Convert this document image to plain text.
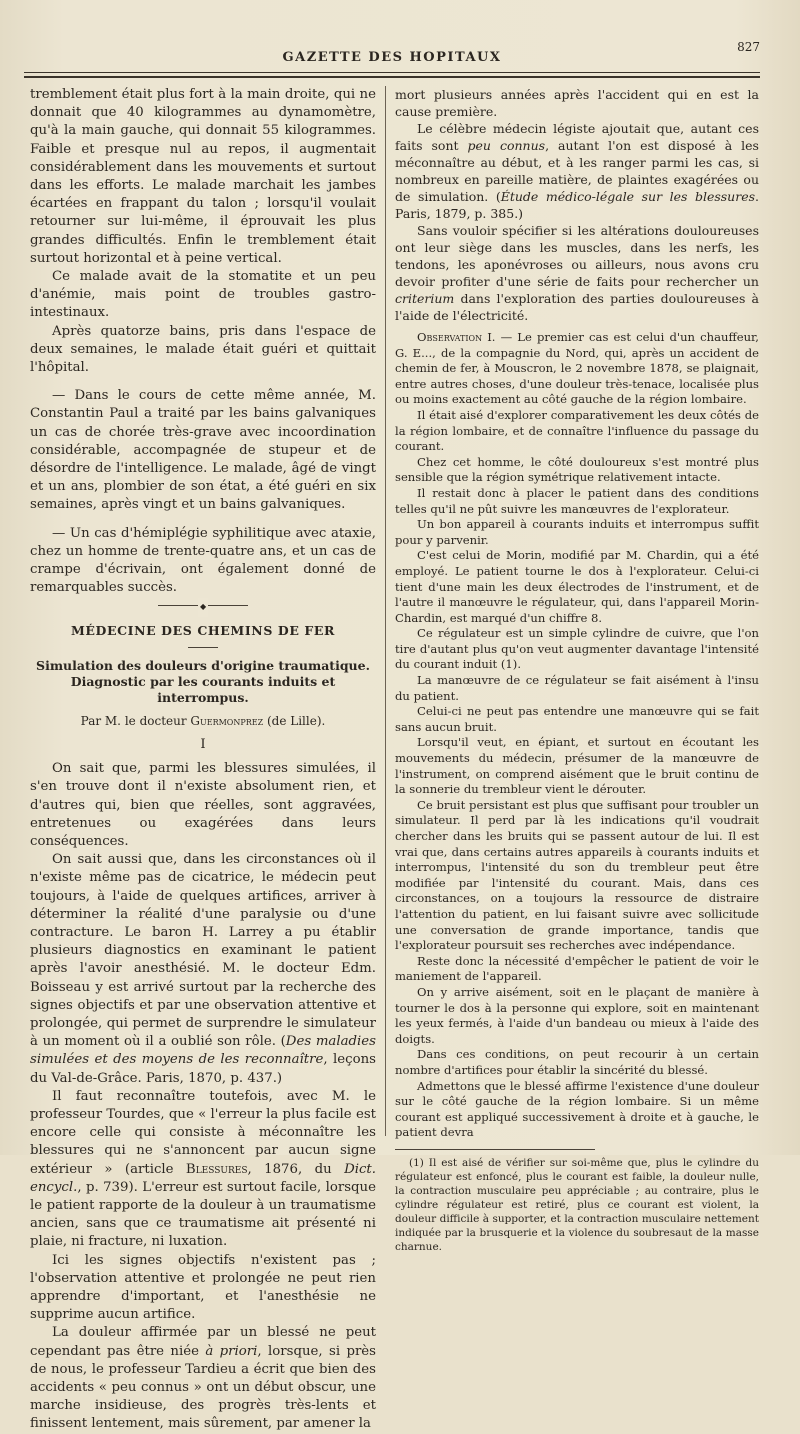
GAZETTE DES HOPITAUX
827

tremblement était plus fort à la main droite, qui ne donnait que 40 kilogrammes au dynamomètre, qu'à la main gauche, qui donnait 55 kilogrammes. Faible et presque nul au repos, il augmentait considérablement dans les mouvements et surtout dans les efforts. Le malade marchait les jambes écartées en frappant du talon ; lorsqu'il voulait retourner sur lui-même, il éprouvait les plus grandes difficultés. Enfin le tremblement était surtout horizontal et à peine vertical.

Ce malade avait de la stomatite et un peu d'anémie, mais point de troubles gastro-intestinaux.

Après quatorze bains, pris dans l'espace de deux semaines, le malade était guéri et quittait l'hôpital.

— Dans le cours de cette même année, M. Constantin Paul a traité par les bains galvaniques un cas de chorée très-grave avec incoordination considérable, accompagnée de stupeur et de désordre de l'intelligence. Le malade, âgé de vingt et un ans, plombier de son état, a été guéri en six semaines, après vingt et un bains galvaniques.

— Un cas d'hémiplégie syphilitique avec ataxie, chez un homme de trente-quatre ans, et un cas de crampe d'écrivain, ont également donné de remarquables succès.

◆
MÉDECINE DES CHEMINS DE FER
Simulation des douleurs d'origine traumatique. Diagnostic par les courants induits et interrompus.
Par M. le docteur Guermonprez (de Lille).
I

On sait que, parmi les blessures simulées, il s'en trouve dont il n'existe absolument rien, et d'autres qui, bien que réelles, sont aggravées, entretenues ou exagérées dans leurs conséquences.

On sait aussi que, dans les circonstances où il n'existe même pas de cicatrice, le médecin peut toujours, à l'aide de quelques artifices, arriver à déterminer la réalité d'une paralysie ou d'une contracture. Le baron H. Larrey a pu établir plusieurs diagnostics en examinant le patient après l'avoir anesthésié. M. le docteur Edm. Boisseau y est arrivé surtout par la recherche des signes objectifs et par une observation attentive et prolongée, qui permet de surprendre le simulateur à un moment où il a oublié son rôle. (Des maladies simulées et des moyens de les reconnaître, leçons du Val-de-Grâce. Paris, 1870, p. 437.)

Il faut reconnaître toutefois, avec M. le professeur Tourdes, que « l'erreur la plus facile est encore celle qui consiste à méconnaître les blessures qui ne s'annoncent par aucun signe extérieur » (article Blessures, 1876, du Dict. encycl., p. 739). L'erreur est surtout facile, lorsque le patient rapporte de la douleur à un traumatisme ancien, sans que ce traumatisme ait présenté ni plaie, ni fracture, ni luxation.

Ici les signes objectifs n'existent pas ; l'observation attentive et prolongée ne peut rien apprendre d'important, et l'anesthésie ne supprime aucun artifice.

La douleur affirmée par un blessé ne peut cependant pas être niée à priori, lorsque, si près de nous, le professeur Tardieu a écrit que bien des accidents « peu connus » ont un début obscur, une marche insidieuse, des progrès très-lents et finissent lentement, mais sûrement, par amener la

mort plusieurs années après l'accident qui en est la cause première.

Le célèbre médecin légiste ajoutait que, autant ces faits sont peu connus, autant l'on est disposé à les méconnaître au début, et à les ranger parmi les cas, si nombreux en pareille matière, de plaintes exagérées ou de simulation. (Étude médico-légale sur les blessures. Paris, 1879, p. 385.)

Sans vouloir spécifier si les altérations douloureuses ont leur siège dans les muscles, dans les nerfs, les tendons, les aponévroses ou ailleurs, nous avons cru devoir profiter d'une série de faits pour rechercher un criterium dans l'exploration des parties douloureuses à l'aide de l'électricité.

Observation I. — Le premier cas est celui d'un chauffeur, G. E..., de la compagnie du Nord, qui, après un accident de chemin de fer, à Mouscron, le 2 novembre 1878, se plaignait, entre autres choses, d'une douleur très-tenace, localisée plus ou moins exactement au côté gauche de la région lombaire.

Il était aisé d'explorer comparativement les deux côtés de la région lombaire, et de connaître l'influence du passage du courant.

Chez cet homme, le côté douloureux s'est montré plus sensible que la région symétrique relativement intacte.

Il restait donc à placer le patient dans des conditions telles qu'il ne pût suivre les manœuvres de l'explorateur.

Un bon appareil à courants induits et interrompus suffit pour y parvenir.

C'est celui de Morin, modifié par M. Chardin, qui a été employé. Le patient tourne le dos à l'explorateur. Celui-ci tient d'une main les deux électrodes de l'instrument, et de l'autre il manœuvre le régulateur, qui, dans l'appareil Morin-Chardin, est marqué d'un chiffre 8.

Ce régulateur est un simple cylindre de cuivre, que l'on tire d'autant plus qu'on veut augmenter davantage l'intensité du courant induit (1).

La manœuvre de ce régulateur se fait aisément à l'insu du patient.

Celui-ci ne peut pas entendre une manœuvre qui se fait sans aucun bruit.

Lorsqu'il veut, en épiant, et surtout en écoutant les mouvements du médecin, présumer de la manœuvre de l'instrument, on comprend aisément que le bruit continu de la sonnerie du trembleur vient le dérouter.

Ce bruit persistant est plus que suffisant pour troubler un simulateur. Il perd par là les indications qu'il voudrait chercher dans les bruits qui se passent autour de lui. Il est vrai que, dans certains autres appareils à courants induits et interrompus, l'intensité du son du trembleur peut être modifiée par l'intensité du courant. Mais, dans ces circonstances, on a toujours la ressource de distraire l'attention du patient, en lui faisant suivre avec sollicitude une conversation de grande importance, tandis que l'explorateur poursuit ses recherches avec indépendance.

Reste donc la nécessité d'empêcher le patient de voir le maniement de l'appareil.

On y arrive aisément, soit en le plaçant de manière à tourner le dos à la personne qui explore, soit en maintenant les yeux fermés, à l'aide d'un bandeau ou mieux à l'aide des doigts.

Dans ces conditions, on peut recourir à un certain nombre d'artifices pour établir la sincérité du blessé.

Admettons que le blessé affirme l'existence d'une douleur sur le côté gauche de la région lombaire. Si un même courant est appliqué successivement à droite et à gauche, le patient devra

(1) Il est aisé de vérifier sur soi-même que, plus le cylindre du régulateur est enfoncé, plus le courant est faible, la douleur nulle, la contraction musculaire peu appréciable ; au contraire, plus le cylindre régulateur est retiré, plus ce courant est violent, la douleur difficile à supporter, et la contraction musculaire nettement indiquée par la brusquerie et la violence du soubresaut de la masse charnue.
